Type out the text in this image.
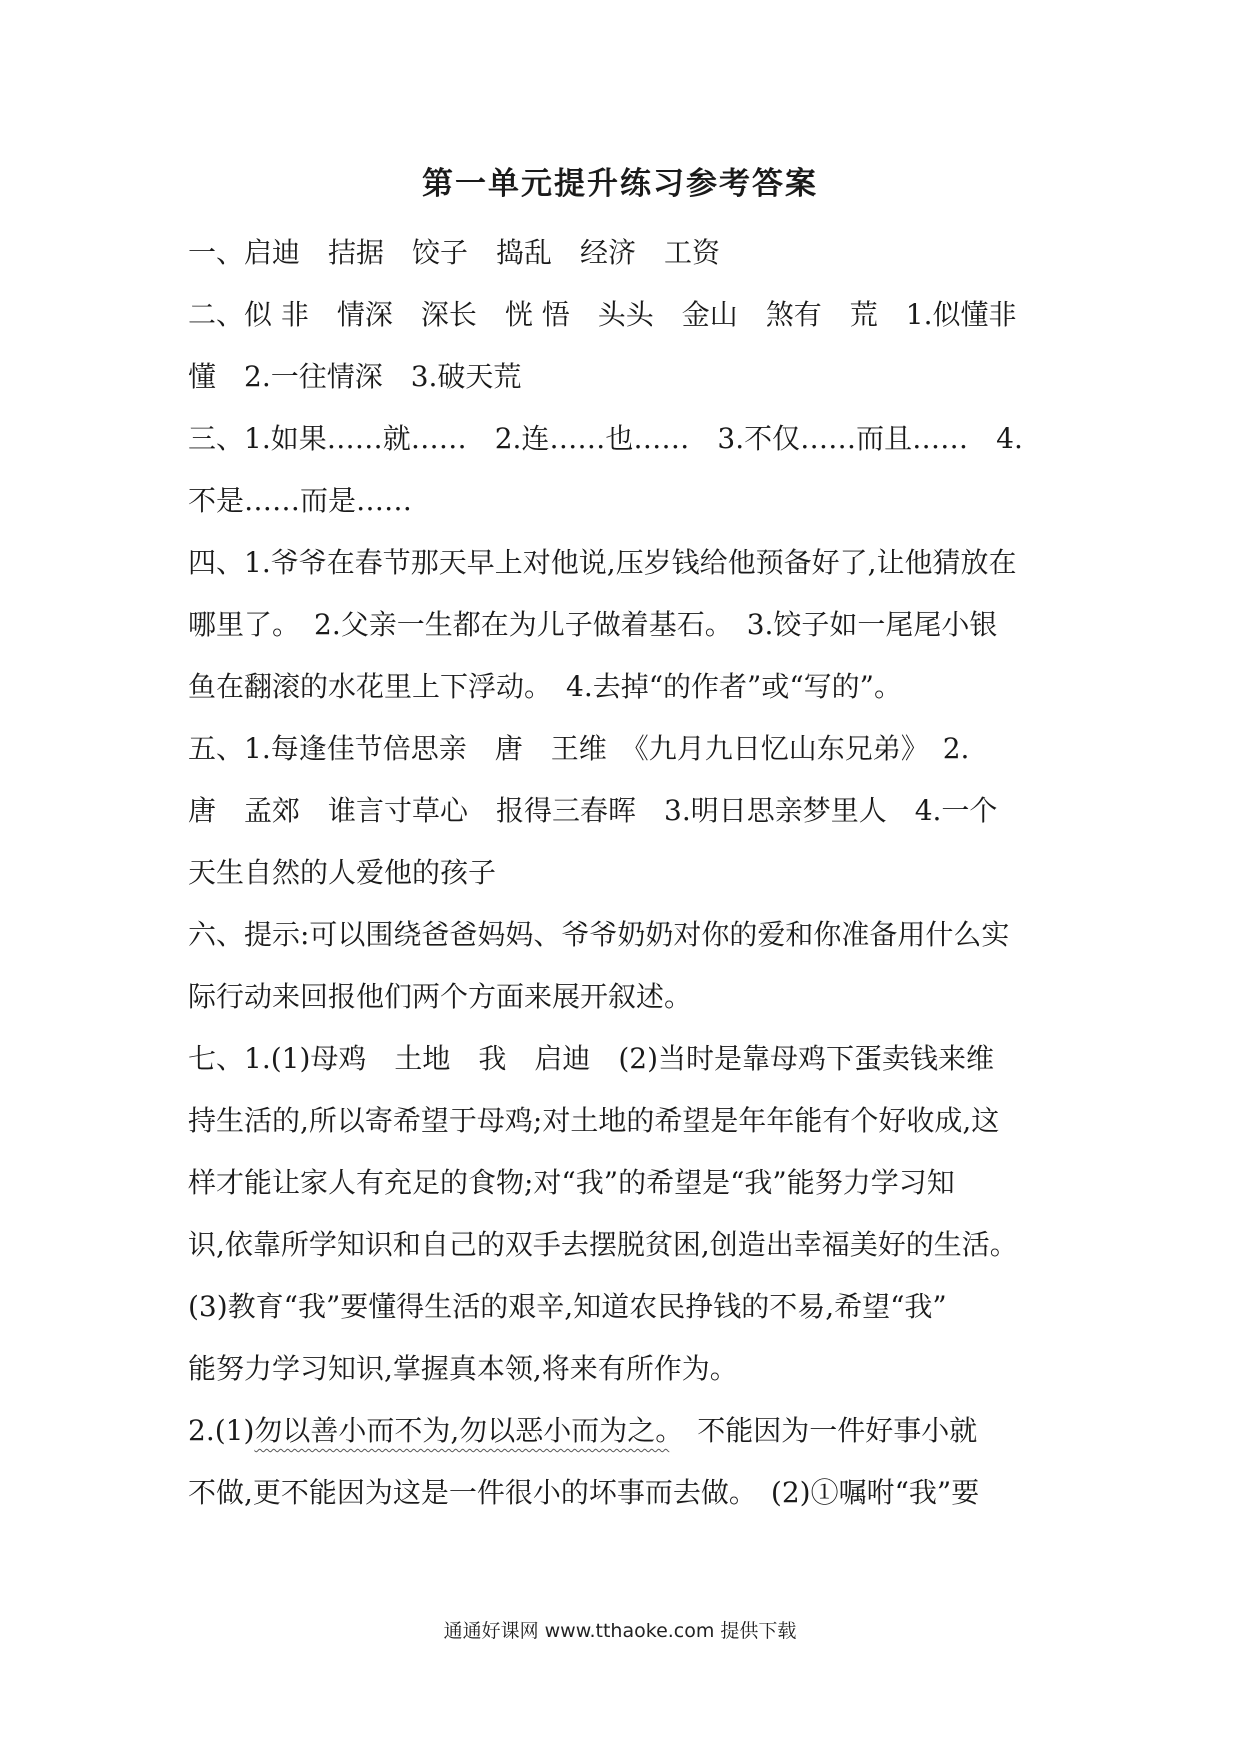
第一单元提升练习参考答案
一、启迪　拮据　饺子　捣乱　经济　工资
二、似 非　情深　深长　恍 悟　头头　金山　煞有　荒　1.似懂非
懂　2.一往情深　3.破天荒
三、1.如果……就……　2.连……也……　3.不仅……而且……　4.
不是……而是……
四、1.爷爷在春节那天早上对他说,压岁钱给他预备好了,让他猜放在
哪里了。　2.父亲一生都在为儿子做着基石。　3.饺子如一尾尾小银
鱼在翻滚的水花里上下浮动。　4.去掉“的作者”或“写的”。
五、1.每逢佳节倍思亲　唐　王维　《九月九日忆山东兄弟》　2.
唐　孟郊　谁言寸草心　报得三春晖　3.明日思亲梦里人　4.一个
天生自然的人爱他的孩子
六、提示:可以围绕爸爸妈妈、爷爷奶奶对你的爱和你准备用什么实
际行动来回报他们两个方面来展开叙述。
七、1.(1)母鸡　土地　我　启迪　(2)当时是靠母鸡下蛋卖钱来维
持生活的,所以寄希望于母鸡;对土地的希望是年年能有个好收成,这
样才能让家人有充足的食物;对“我”的希望是“我”能努力学习知
识,依靠所学知识和自己的双手去摆脱贫困,创造出幸福美好的生活。
(3)教育“我”要懂得生活的艰辛,知道农民挣钱的不易,希望“我”
能努力学习知识,掌握真本领,将来有所作为。
2.(1)勿以善小而不为,勿以恶小而为之。　不能因为一件好事小就
不做,更不能因为这是一件很小的坏事而去做。　(2)①嘱咐“我”要
通通好课网 www.tthaoke.com 提供下载
